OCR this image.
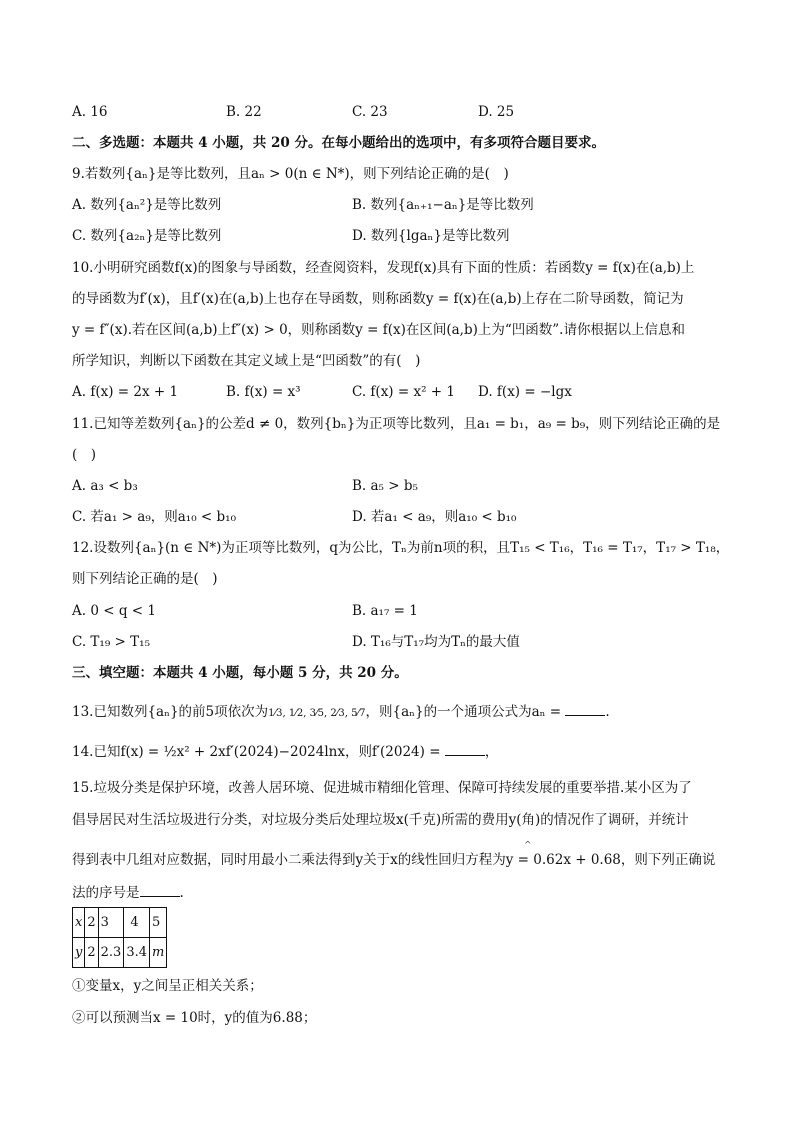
A. 16	B. 22	C. 23	D. 25
二、多选题：本题共 4 小题，共 20 分。在每小题给出的选项中，有多项符合题目要求。
9.若数列{aₙ}是等比数列，且aₙ > 0(n ∈ N*)，则下列结论正确的是(　)
A. 数列{aₙ²}是等比数列	B. 数列{aₙ₊₁−aₙ}是等比数列
C. 数列{a₂ₙ}是等比数列	D. 数列{lgaₙ}是等比数列
10.小明研究函数f(x)的图象与导函数，经查阅资料，发现f(x)具有下面的性质：若函数y = f(x)在(a,b)上
的导函数为f′(x)，且f′(x)在(a,b)上也存在导函数，则称函数y = f(x)在(a,b)上存在二阶导函数，简记为
y = f″(x).若在区间(a,b)上f″(x) > 0，则称函数y = f(x)在区间(a,b)上为“凹函数”.请你根据以上信息和
所学知识，判断以下函数在其定义域上是“凹函数”的有(　)
A. f(x) = 2x + 1	B. f(x) = x³	C. f(x) = x² + 1 D. f(x) = −lgx
11.已知等差数列{aₙ}的公差d ≠ 0，数列{bₙ}为正项等比数列，且a₁ = b₁，a₉ = b₉，则下列结论正确的是
(　)
A. a₃ < b₃	B. a₅ > b₅
C. 若a₁ > a₉，则a₁₀ < b₁₀	D. 若a₁ < a₉，则a₁₀ < b₁₀
12.设数列{aₙ}(n ∈ N*)为正项等比数列，q为公比，Tₙ为前n项的积，且T₁₅ < T₁₆，T₁₆ = T₁₇，T₁₇ > T₁₈，
则下列结论正确的是(　)
A. 0 < q < 1	B. a₁₇ = 1
C. T₁₉ > T₁₅	D. T₁₆与T₁₇均为Tₙ的最大值
三、填空题：本题共 4 小题，每小题 5 分，共 20 分。
13.已知数列{aₙ}的前5项依次为1⁄3, 1⁄2, 3⁄5, 2⁄3, 5⁄7，则{aₙ}的一个通项公式为aₙ =	.
14.已知f(x) = ½x² + 2xf′(2024)−2024lnx，则f′(2024) =	，
15.垃圾分类是保护环境，改善人居环境、促进城市精细化管理、保障可持续发展的重要举措.某小区为了
倡导居民对生活垃圾进行分类，对垃圾分类后处理垃圾x(千克)所需的费用y(角)的情况作了调研，并统计
^
得到表中几组对应数据，同时用最小二乘法得到y关于x的线性回归方程为y = 0.62x + 0.68，则下列正确说
法的序号是	.
x	2	3	4	5
y	2	2.3	3.4	m
①变量x，y之间呈正相关关系；
②可以预测当x = 10时，y的值为6.88；
